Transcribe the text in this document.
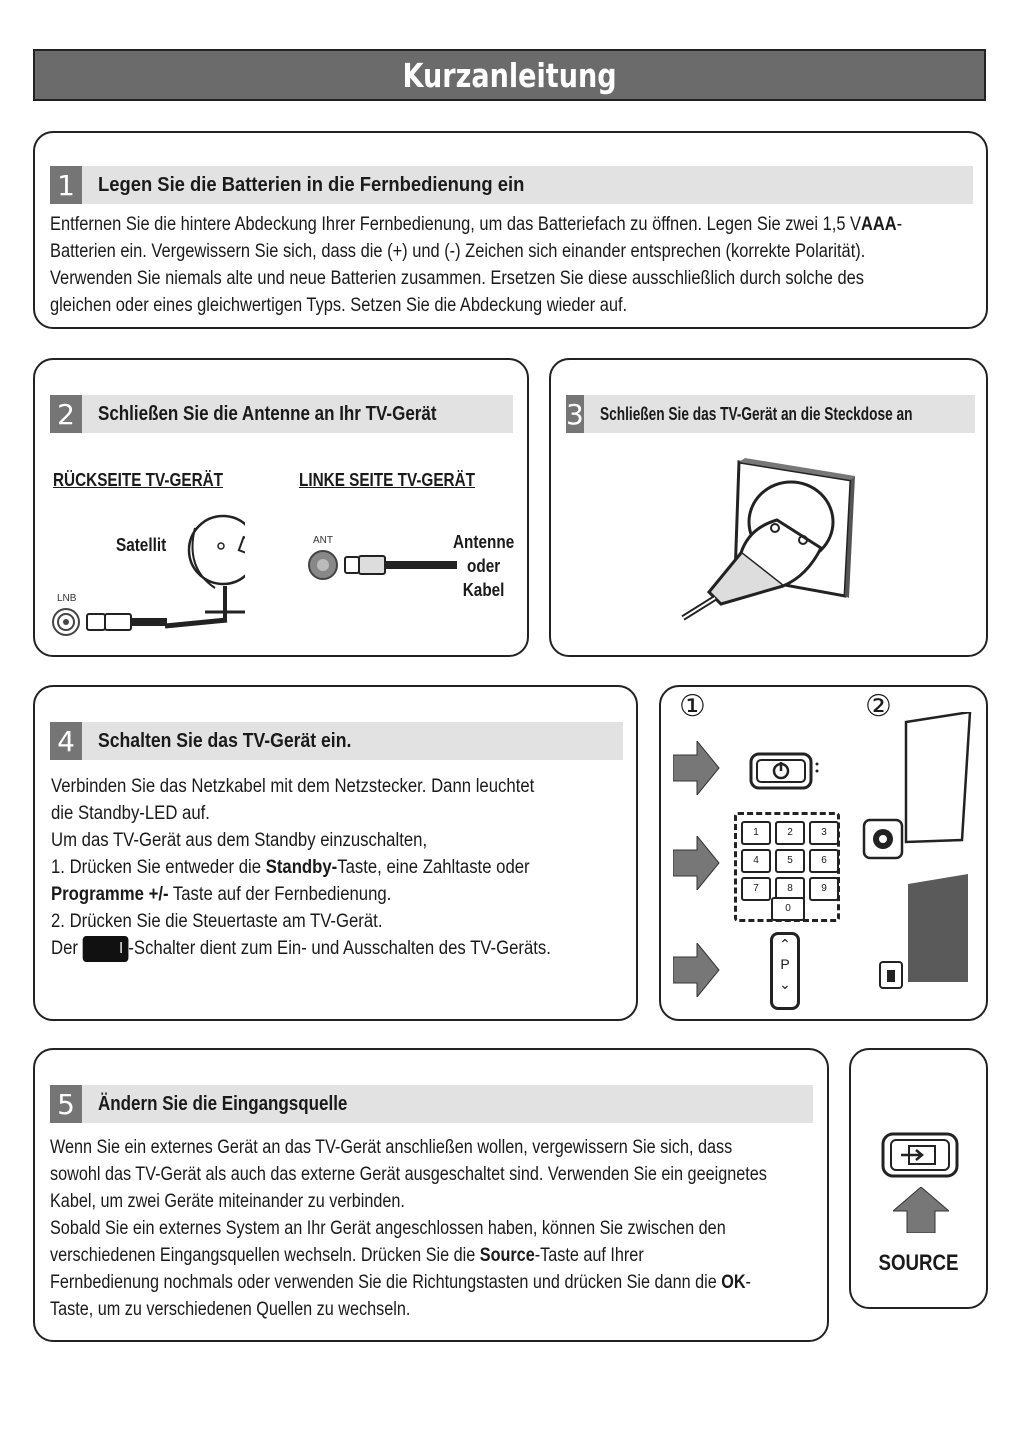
Kurzanleitung
1	Legen Sie die Batterien in die Fernbedienung ein
Entfernen Sie die hintere Abdeckung Ihrer Fernbedienung, um das Batteriefach zu öffnen. Legen Sie zwei 1,5 VAAA-
Batterien ein. Vergewissern Sie sich, dass die (+) und (-) Zeichen sich einander entsprechen (korrekte Polarität).
Verwenden Sie niemals alte und neue Batterien zusammen. Ersetzen Sie diese ausschließlich durch solche des
gleichen oder eines gleichwertigen Typs. Setzen Sie die Abdeckung wieder auf.
2	Schließen Sie die Antenne an Ihr TV-Gerät
RÜCKSEITE TV-GERÄT	LINKE SEITE TV-GERÄT
Satellit
LNB
ANT	Antenne
oder
Kabel
3 Schließen Sie das TV-Gerät an die Steckdose an
4	Schalten Sie das TV-Gerät ein.
Verbinden Sie das Netzkabel mit dem Netzstecker. Dann leuchtet
die Standby-LED auf.
Um das TV-Gerät aus dem Standby einzuschalten,
1. Drücken Sie entweder die Standby-Taste, eine Zahltaste oder
Programme +/- Taste auf der Fernbedienung.
2. Drücken Sie die Steuertaste am TV-Gerät.
Der I -Schalter dient zum Ein- und Ausschalten des TV-Geräts.
①	②
1	2	3
4	5	6
7	8	9
0
⌃
P
⌄
5	Ändern Sie die Eingangsquelle
Wenn Sie ein externes Gerät an das TV-Gerät anschließen wollen, vergewissern Sie sich, dass
sowohl das TV-Gerät als auch das externe Gerät ausgeschaltet sind. Verwenden Sie ein geeignetes
Kabel, um zwei Geräte miteinander zu verbinden.
Sobald Sie ein externes System an Ihr Gerät angeschlossen haben, können Sie zwischen den
verschiedenen Eingangsquellen wechseln. Drücken Sie die Source-Taste auf Ihrer
Fernbedienung nochmals oder verwenden Sie die Richtungstasten und drücken Sie dann die OK-
Taste, um zu verschiedenen Quellen zu wechseln.
SOURCE
